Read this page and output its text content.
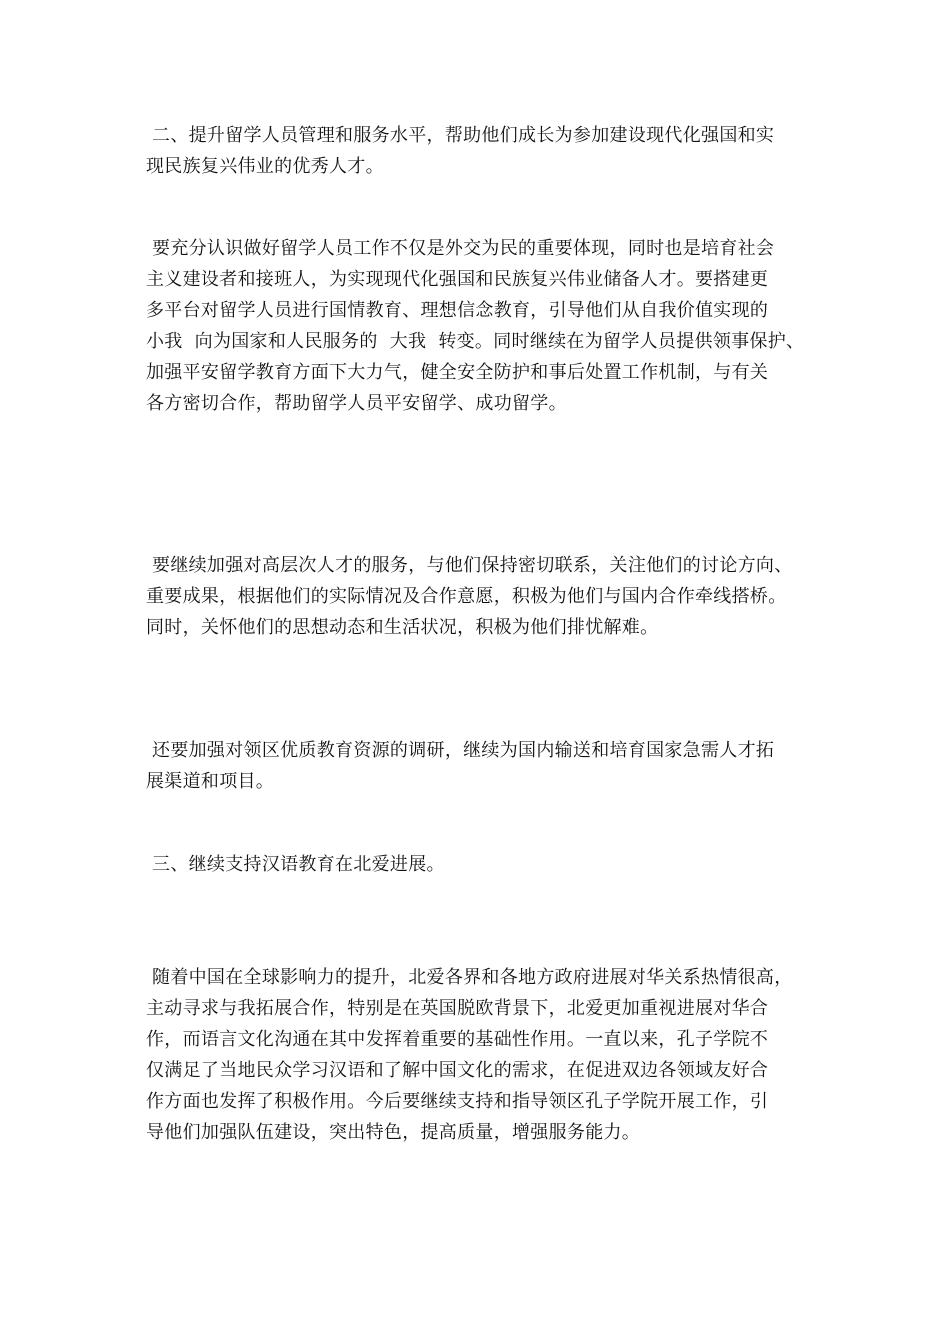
二、提升留学人员管理和服务水平，帮助他们成长为参加建设现代化强国和实
现民族复兴伟业的优秀人才。
要充分认识做好留学人员工作不仅是外交为民的重要体现，同时也是培育社会
主义建设者和接班人，为实现现代化强国和民族复兴伟业储备人才。要搭建更
多平台对留学人员进行国情教育、理想信念教育，引导他们从自我价值实现的
小我  向为国家和人民服务的  大我  转变。同时继续在为留学人员提供领事保护、
加强平安留学教育方面下大力气，健全安全防护和事后处置工作机制，与有关
各方密切合作，帮助留学人员平安留学、成功留学。
要继续加强对高层次人才的服务，与他们保持密切联系，关注他们的讨论方向、
重要成果，根据他们的实际情况及合作意愿，积极为他们与国内合作牵线搭桥。
同时，关怀他们的思想动态和生活状况，积极为他们排忧解难。
还要加强对领区优质教育资源的调研，继续为国内输送和培育国家急需人才拓
展渠道和项目。
三、继续支持汉语教育在北爱进展。
随着中国在全球影响力的提升，北爱各界和各地方政府进展对华关系热情很高，
主动寻求与我拓展合作，特别是在英国脱欧背景下，北爱更加重视进展对华合
作，而语言文化沟通在其中发挥着重要的基础性作用。一直以来，孔子学院不
仅满足了当地民众学习汉语和了解中国文化的需求，在促进双边各领域友好合
作方面也发挥了积极作用。今后要继续支持和指导领区孔子学院开展工作，引
导他们加强队伍建设，突出特色，提高质量，增强服务能力。
